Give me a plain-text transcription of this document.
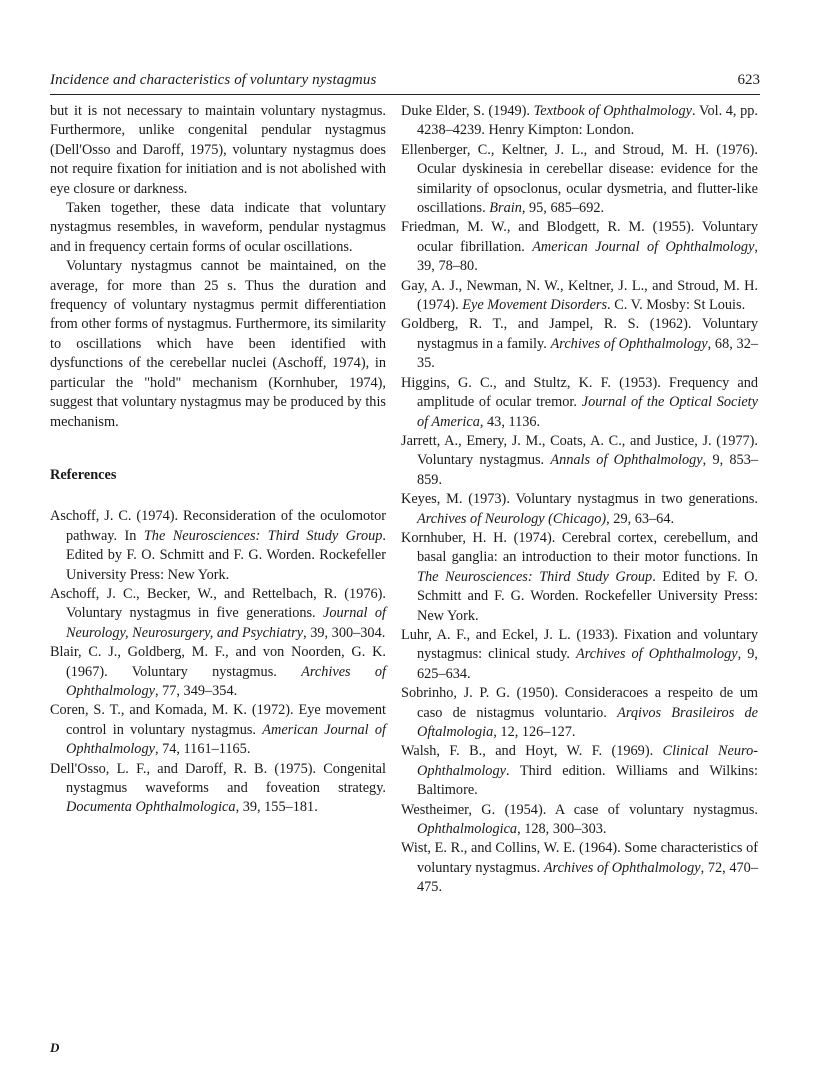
Incidence and characteristics of voluntary nystagmus	623

but it is not necessary to maintain voluntary nystagmus. Furthermore, unlike congenital pendular nystagmus (Dell'Osso and Daroff, 1975), voluntary nystagmus does not require fixation for initiation and is not abolished with eye closure or darkness.

Taken together, these data indicate that voluntary nystagmus resembles, in waveform, pendular nystagmus and in frequency certain forms of ocular oscillations.

Voluntary nystagmus cannot be maintained, on the average, for more than 25 s. Thus the duration and frequency of voluntary nystagmus permit differentiation from other forms of nystagmus. Furthermore, its similarity to oscillations which have been identified with dysfunctions of the cerebellar nuclei (Aschoff, 1974), in particular the "hold" mechanism (Kornhuber, 1974), suggest that voluntary nystagmus may be produced by this mechanism.

References

Aschoff, J. C. (1974). Reconsideration of the oculomotor pathway. In The Neurosciences: Third Study Group. Edited by F. O. Schmitt and F. G. Worden. Rockefeller University Press: New York.

Aschoff, J. C., Becker, W., and Rettelbach, R. (1976). Voluntary nystagmus in five generations. Journal of Neurology, Neurosurgery, and Psychiatry, 39, 300–304.

Blair, C. J., Goldberg, M. F., and von Noorden, G. K. (1967). Voluntary nystagmus. Archives of Ophthalmology, 77, 349–354.

Coren, S. T., and Komada, M. K. (1972). Eye movement control in voluntary nystagmus. American Journal of Ophthalmology, 74, 1161–1165.

Dell'Osso, L. F., and Daroff, R. B. (1975). Congenital nystagmus waveforms and foveation strategy. Documenta Ophthalmologica, 39, 155–181.

Duke Elder, S. (1949). Textbook of Ophthalmology. Vol. 4, pp. 4238–4239. Henry Kimpton: London.

Ellenberger, C., Keltner, J. L., and Stroud, M. H. (1976). Ocular dyskinesia in cerebellar disease: evidence for the similarity of opsoclonus, ocular dysmetria, and flutter-like oscillations. Brain, 95, 685–692.

Friedman, M. W., and Blodgett, R. M. (1955). Voluntary ocular fibrillation. American Journal of Ophthalmology, 39, 78–80.

Gay, A. J., Newman, N. W., Keltner, J. L., and Stroud, M. H. (1974). Eye Movement Disorders. C. V. Mosby: St Louis.

Goldberg, R. T., and Jampel, R. S. (1962). Voluntary nystagmus in a family. Archives of Ophthalmology, 68, 32–35.

Higgins, G. C., and Stultz, K. F. (1953). Frequency and amplitude of ocular tremor. Journal of the Optical Society of America, 43, 1136.

Jarrett, A., Emery, J. M., Coats, A. C., and Justice, J. (1977). Voluntary nystagmus. Annals of Ophthalmology, 9, 853–859.

Keyes, M. (1973). Voluntary nystagmus in two generations. Archives of Neurology (Chicago), 29, 63–64.

Kornhuber, H. H. (1974). Cerebral cortex, cerebellum, and basal ganglia: an introduction to their motor functions. In The Neurosciences: Third Study Group. Edited by F. O. Schmitt and F. G. Worden. Rockefeller University Press: New York.

Luhr, A. F., and Eckel, J. L. (1933). Fixation and voluntary nystagmus: clinical study. Archives of Ophthalmology, 9, 625–634.

Sobrinho, J. P. G. (1950). Consideracoes a respeito de um caso de nistagmus voluntario. Arqivos Brasileiros de Oftalmologia, 12, 126–127.

Walsh, F. B., and Hoyt, W. F. (1969). Clinical Neuro-Ophthalmology. Third edition. Williams and Wilkins: Baltimore.

Westheimer, G. (1954). A case of voluntary nystagmus. Ophthalmologica, 128, 300–303.

Wist, E. R., and Collins, W. E. (1964). Some characteristics of voluntary nystagmus. Archives of Ophthalmology, 72, 470–475.

D
